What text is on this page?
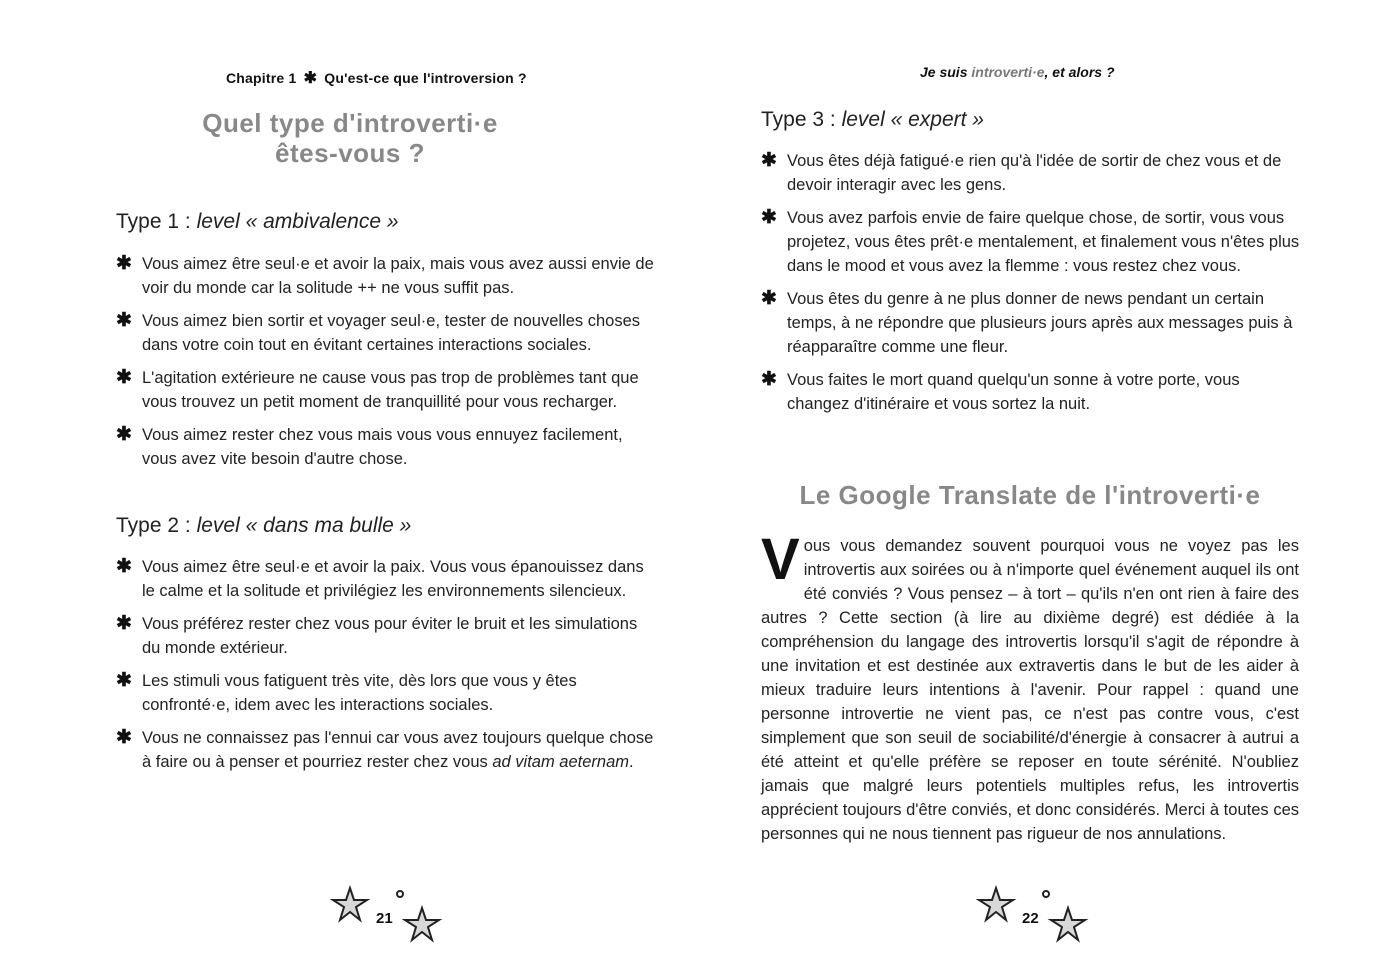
Chapitre 1 ✱ Qu'est-ce que l'introversion ?
Quel type d'introverti·e
êtes-vous ?
Type 1 : level « ambivalence »
✱ Vous aimez être seul·e et avoir la paix, mais vous avez aussi envie de voir du monde car la solitude ++ ne vous suffit pas.
✱ Vous aimez bien sortir et voyager seul·e, tester de nouvelles choses dans votre coin tout en évitant certaines interactions sociales.
✱ L'agitation extérieure ne cause vous pas trop de problèmes tant que vous trouvez un petit moment de tranquillité pour vous recharger.
✱ Vous aimez rester chez vous mais vous vous ennuyez facilement, vous avez vite besoin d'autre chose.
Type 2 : level « dans ma bulle »
✱ Vous aimez être seul·e et avoir la paix. Vous vous épanouissez dans le calme et la solitude et privilégiez les environnements silencieux.
✱ Vous préférez rester chez vous pour éviter le bruit et les simulations du monde extérieur.
✱ Les stimuli vous fatiguent très vite, dès lors que vous y êtes confronté·e, idem avec les interactions sociales.
✱ Vous ne connaissez pas l'ennui car vous avez toujours quelque chose à faire ou à penser et pourriez rester chez vous ad vitam aeternam.
21
Je suis introverti·e, et alors ?
Type 3 : level « expert »
✱ Vous êtes déjà fatigué·e rien qu'à l'idée de sortir de chez vous et de devoir interagir avec les gens.
✱ Vous avez parfois envie de faire quelque chose, de sortir, vous vous projetez, vous êtes prêt·e mentalement, et finalement vous n'êtes plus dans le mood et vous avez la flemme : vous restez chez vous.
✱ Vous êtes du genre à ne plus donner de news pendant un certain temps, à ne répondre que plusieurs jours après aux messages puis à réapparaître comme une fleur.
✱ Vous faites le mort quand quelqu'un sonne à votre porte, vous changez d'itinéraire et vous sortez la nuit.
Le Google Translate de l'introverti·e
Vous vous demandez souvent pourquoi vous ne voyez pas les introvertis aux soirées ou à n'importe quel événement auquel ils ont été conviés ? Vous pensez – à tort – qu'ils n'en ont rien à faire des autres ? Cette section (à lire au dixième degré) est dédiée à la compréhension du langage des introvertis lorsqu'il s'agit de répondre à une invitation et est destinée aux extravertis dans le but de les aider à mieux traduire leurs intentions à l'avenir. Pour rappel : quand une personne introvertie ne vient pas, ce n'est pas contre vous, c'est simplement que son seuil de sociabilité/d'énergie à consacrer à autrui a été atteint et qu'elle préfère se reposer en toute sérénité. N'oubliez jamais que malgré leurs potentiels multiples refus, les introvertis apprécient toujours d'être conviés, et donc considérés. Merci à toutes ces personnes qui ne nous tiennent pas rigueur de nos annulations.
22
